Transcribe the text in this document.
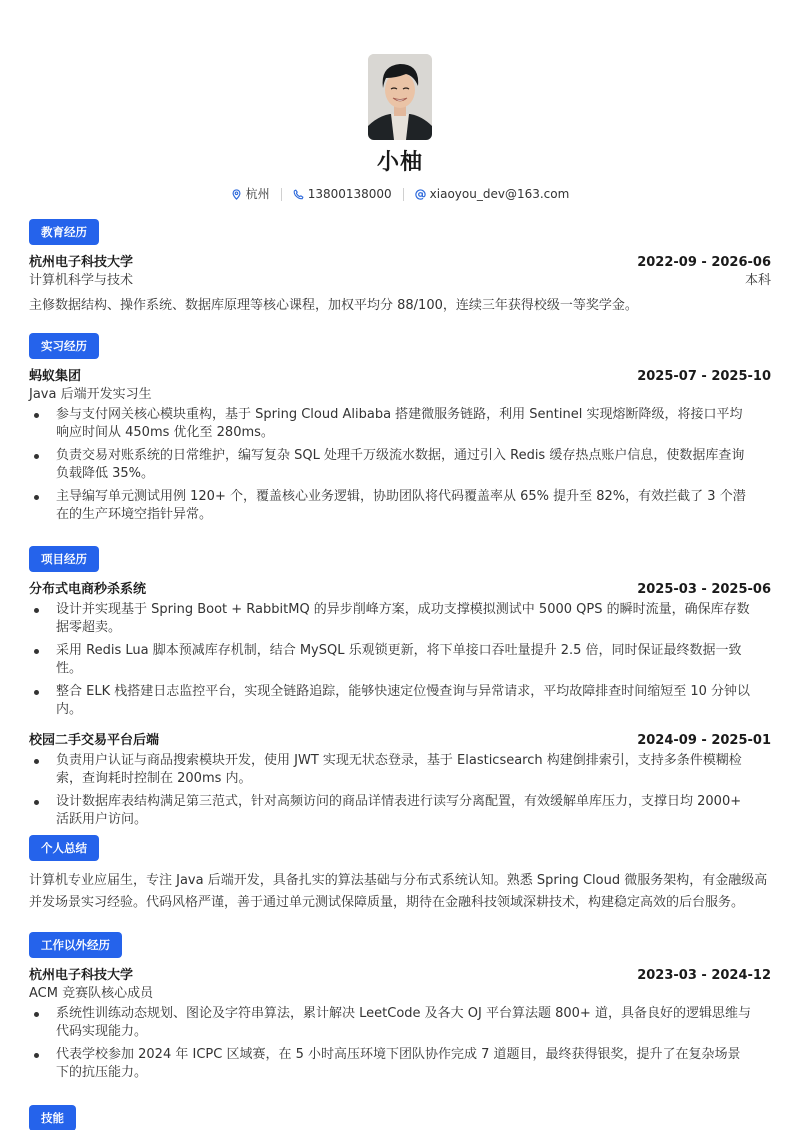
小柚
杭州	13800138000	xiaoyou_dev@163.com
教育经历
杭州电子科技大学	2022-09 - 2026-06
计算机科学与技术	本科
主修数据结构、操作系统、数据库原理等核心课程，加权平均分 88/100，连续三年获得校级一等奖学金。
实习经历
蚂蚁集团	2025-07 - 2025-10
Java 后端开发实习生
参与支付网关核心模块重构，基于 Spring Cloud Alibaba 搭建微服务链路，利用 Sentinel 实现熔断降级，将接口平均响应时间从 450ms 优化至 280ms。
负责交易对账系统的日常维护，编写复杂 SQL 处理千万级流水数据，通过引入 Redis 缓存热点账户信息，使数据库查询负载降低 35%。
主导编写单元测试用例 120+ 个，覆盖核心业务逻辑，协助团队将代码覆盖率从 65% 提升至 82%，有效拦截了 3 个潜在的生产环境空指针异常。
项目经历
分布式电商秒杀系统	2025-03 - 2025-06
设计并实现基于 Spring Boot + RabbitMQ 的异步削峰方案，成功支撑模拟测试中 5000 QPS 的瞬时流量，确保库存数据零超卖。
采用 Redis Lua 脚本预减库存机制，结合 MySQL 乐观锁更新，将下单接口吞吐量提升 2.5 倍，同时保证最终数据一致性。
整合 ELK 栈搭建日志监控平台，实现全链路追踪，能够快速定位慢查询与异常请求，平均故障排查时间缩短至 10 分钟以内。
校园二手交易平台后端	2024-09 - 2025-01
负责用户认证与商品搜索模块开发，使用 JWT 实现无状态登录，基于 Elasticsearch 构建倒排索引，支持多条件模糊检索，查询耗时控制在 200ms 内。
设计数据库表结构满足第三范式，针对高频访问的商品详情表进行读写分离配置，有效缓解单库压力，支撑日均 2000+ 活跃用户访问。
个人总结
计算机专业应届生，专注 Java 后端开发，具备扎实的算法基础与分布式系统认知。熟悉 Spring Cloud 微服务架构，有金融级高并发场景实习经验。代码风格严谨，善于通过单元测试保障质量，期待在金融科技领域深耕技术，构建稳定高效的后台服务。
工作以外经历
杭州电子科技大学	2023-03 - 2024-12
ACM 竞赛队核心成员
系统性训练动态规划、图论及字符串算法，累计解决 LeetCode 及各大 OJ 平台算法题 800+ 道，具备良好的逻辑思维与代码实现能力。
代表学校参加 2024 年 ICPC 区域赛，在 5 小时高压环境下团队协作完成 7 道题目，最终获得银奖，提升了在复杂场景下的抗压能力。
技能
